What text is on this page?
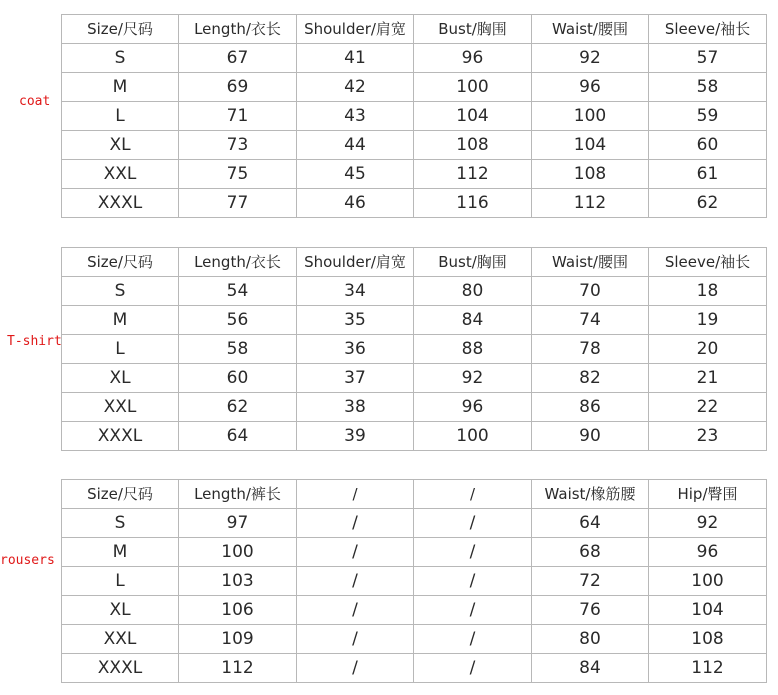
coat
Size/尺码	Length/衣长	Shoulder/肩宽	Bust/胸围	Waist/腰围	Sleeve/袖长
S	67	41	96	92	57
M	69	42	100	96	58
L	71	43	104	100	59
XL	73	44	108	104	60
XXL	75	45	112	108	61
XXXL	77	46	116	112	62
T-shirt
Size/尺码	Length/衣长	Shoulder/肩宽	Bust/胸围	Waist/腰围	Sleeve/袖长
S	54	34	80	70	18
M	56	35	84	74	19
L	58	36	88	78	20
XL	60	37	92	82	21
XXL	62	38	96	86	22
XXXL	64	39	100	90	23
rousers
Size/尺码	Length/裤长	/	/	Waist/橡筋腰	Hip/臀围
S	97	/	/	64	92
M	100	/	/	68	96
L	103	/	/	72	100
XL	106	/	/	76	104
XXL	109	/	/	80	108
XXXL	112	/	/	84	112
